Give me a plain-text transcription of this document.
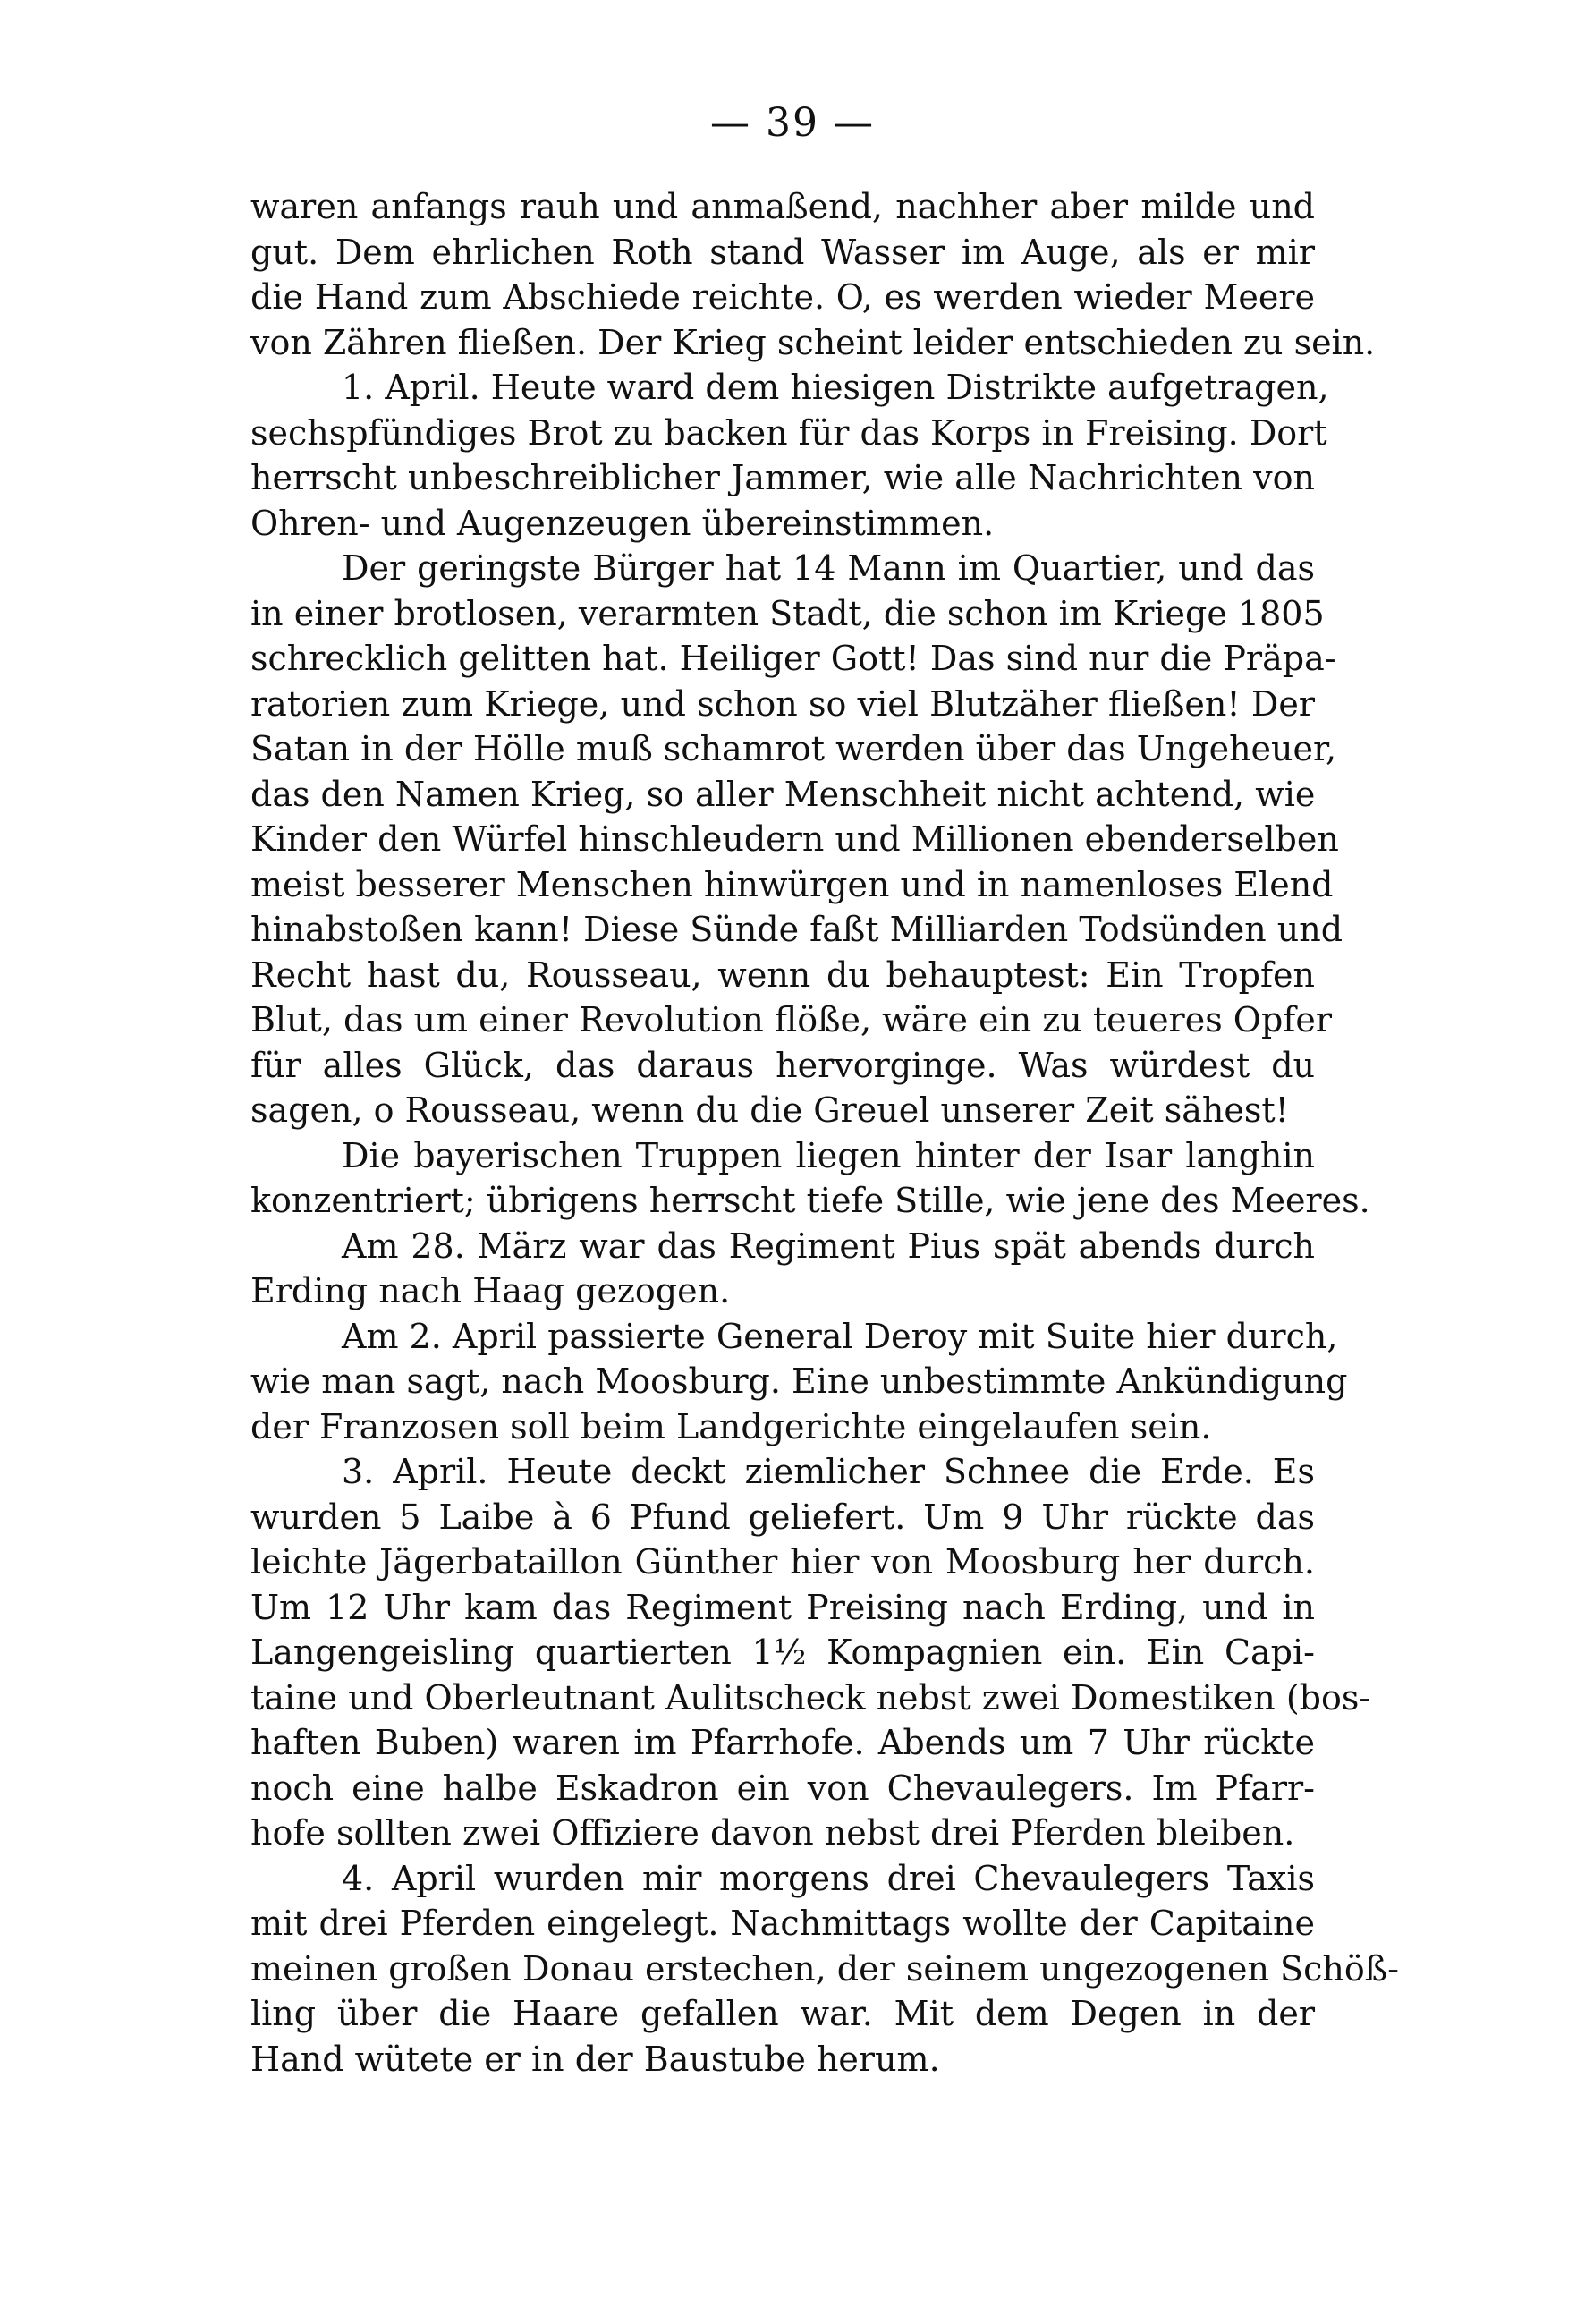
— 39 —
waren anfangs rauh und anmaßend, nachher aber milde und
gut. Dem ehrlichen Roth stand Wasser im Auge, als er mir
die Hand zum Abschiede reichte. O, es werden wieder Meere
von Zähren fließen. Der Krieg scheint leider entschieden zu sein.
1. April. Heute ward dem hiesigen Distrikte aufgetragen,
sechspfündiges Brot zu backen für das Korps in Freising. Dort
herrscht unbeschreiblicher Jammer, wie alle Nachrichten von
Ohren- und Augenzeugen übereinstimmen.
Der geringste Bürger hat 14 Mann im Quartier, und das
in einer brotlosen, verarmten Stadt, die schon im Kriege 1805
schrecklich gelitten hat. Heiliger Gott! Das sind nur die Präpa-
ratorien zum Kriege, und schon so viel Blutzäher fließen! Der
Satan in der Hölle muß schamrot werden über das Ungeheuer,
das den Namen Krieg, so aller Menschheit nicht achtend, wie
Kinder den Würfel hinschleudern und Millionen ebenderselben
meist besserer Menschen hinwürgen und in namenloses Elend
hinabstoßen kann! Diese Sünde faßt Milliarden Todsünden und
Recht hast du, Rousseau, wenn du behauptest: Ein Tropfen
Blut, das um einer Revolution flöße, wäre ein zu teueres Opfer
für alles Glück, das daraus hervorginge. Was würdest du
sagen, o Rousseau, wenn du die Greuel unserer Zeit sähest!
Die bayerischen Truppen liegen hinter der Isar langhin
konzentriert; übrigens herrscht tiefe Stille, wie jene des Meeres.
Am 28. März war das Regiment Pius spät abends durch
Erding nach Haag gezogen.
Am 2. April passierte General Deroy mit Suite hier durch,
wie man sagt, nach Moosburg. Eine unbestimmte Ankündigung
der Franzosen soll beim Landgerichte eingelaufen sein.
3. April. Heute deckt ziemlicher Schnee die Erde. Es
wurden 5 Laibe à 6 Pfund geliefert. Um 9 Uhr rückte das
leichte Jägerbataillon Günther hier von Moosburg her durch.
Um 12 Uhr kam das Regiment Preising nach Erding, und in
Langengeisling quartierten 1½ Kompagnien ein. Ein Capi-
taine und Oberleutnant Aulitscheck nebst zwei Domestiken (bos-
haften Buben) waren im Pfarrhofe. Abends um 7 Uhr rückte
noch eine halbe Eskadron ein von Chevaulegers. Im Pfarr-
hofe sollten zwei Offiziere davon nebst drei Pferden bleiben.
4. April wurden mir morgens drei Chevaulegers Taxis
mit drei Pferden eingelegt. Nachmittags wollte der Capitaine
meinen großen Donau erstechen, der seinem ungezogenen Schöß-
ling über die Haare gefallen war. Mit dem Degen in der
Hand wütete er in der Baustube herum.
